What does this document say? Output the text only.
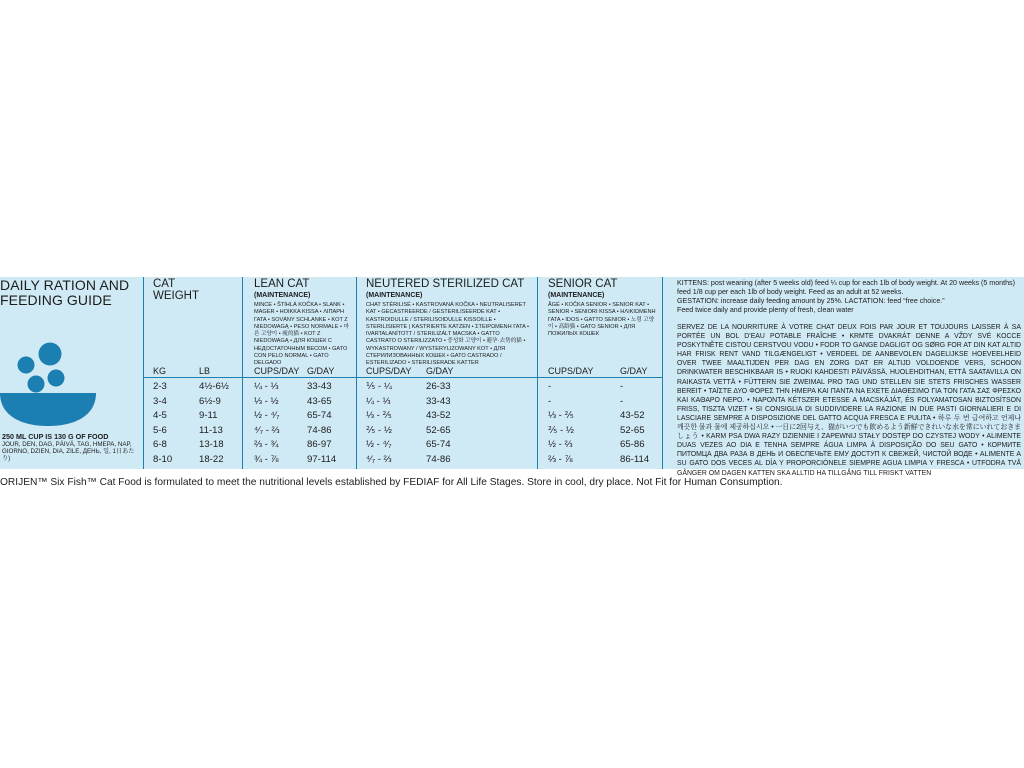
DAILY RATION AND
FEEDING GUIDE
250 ML CUP IS 130 G OF FOOD
JOUR, DEN, DAG, PÄIVÄ, TAG, ΗΜΕΡΑ, NAP, GIORNO, DZIEN, DIA, ZILE, ДЕНЬ, 일, 1日あたり)
CAT
WEIGHT
LEAN CAT
(MAINTENANCE)
MINCE • ŠTÍHLÁ KOČKA • SLANK • MAGER • HOIKKA KISSA • ΛΙΠΑΡΗ ΓΑΤΑ • SOVÁNY SCHLANKE • KOT Z NIEDOWAGĄ • PESO NORMALE • 마른 고양이 • 瘦的猫 • KOT Z NIEDOWAGĄ • ДЛЯ КОШЕК С НЕДОСТАТОЧНЫМ ВЕСОМ • GATO CON PELO NORMAL • GATO DELGADO
NEUTERED STERILIZED CAT
(MAINTENANCE)
CHAT STÉRILISÉ • KASTROVANÁ KOČKA • NEUTRALISERET KAT • GECASTREERDE / GESTERILISEERDE KAT • KASTROIDULLE / STERILISOIDULLE KISSOILLE • STERILISIERTE | KASTRIERTE KATZEN • ΣΤΕΙΡΩΜΕΝΗ ΓΑΤΑ • IVARTALANÍTOTT / STERILIZÁLT MACSKA • GATTO CASTRATO O STERILIZZATO • 중성화 고양이 • 避孕·去势的猫 • WYKASTROWANY / WYSTERYLIZOWANY KOT • ДЛЯ СТЕРИЛИЗОВАННЫХ КОШЕК • GATO CASTRADO / ESTERILIZADO • STERILISERADE KATTER
SENIOR CAT
(MAINTENANCE)
ÂGÉ • KOČKA SENIOR • SENIOR KAT • SENIOR • SENIORI KISSA • ΗΛΙΚΙΩΜΕΝΗ ΓΑΤΑ • IDOS • GATTO SENIOR • 노령 고양이 • 高龄猫 • GATO SENIOR • ДЛЯ ПОЖИЛЫХ КОШЕК
KG	LB	CUPS/DAY G/DAY	CUPS/DAY G/DAY	CUPS/DAY	G/DAY
KITTENS: post weaning (after 5 weeks old) feed ¼ cup for each 1lb of body weight. At 20 weeks (5 months) feed 1/8 cup per each 1lb of body weight. Feed as an adult at 52 weeks.
GESTATION: increase daily feeding amount by 25%. LACTATION: feed “free choice.”
Feed twice daily and provide plenty of fresh, clean water
SERVEZ DE LA NOURRITURE À VOTRE CHAT DEUX FOIS PAR JOUR ET TOUJOURS LAISSER À SA PORTÉE UN BOL D’EAU POTABLE FRAÎCHE • KRMTE DVAKRÁT DENNE A VŽDY SVÉ KOCCE POSKYTNĚTE CISTOU CERSTVOU VODU • FODR TO GANGE DAGLIGT OG SØRG FOR AT DIN KAT ALTID HAR FRISK RENT VAND TILGÆNGELIGT • VERDEEL DE AANBEVOLEN DAGELIJKSE HOEVEELHEID OVER TWEE MAALTIJDEN PER DAG EN ZORG DAT ER ALTIJD VOLDOENDE VERS, SCHOON DRINKWATER BESCHIKBAAR IS • RUOKI KAHDESTI PÄIVÄSSÄ, HUOLEHDITHAN, ETTÄ SAATAVILLA ON RAIKASTA VETTÄ • FÜTTERN SIE ZWEIMAL PRO TAG UND STELLEN SIE STETS FRISCHES WASSER BEREIT • ΤΑΪΣΤΕ ΔΥΟ ΦΟΡΕΣ ΤΗΝ ΗΜΕΡΑ ΚΑΙ ΠΑΝΤΑ ΝΑ ΕΧΕΤΕ ΔΙΑΘΕΣΙΜΟ ΓΙΑ ΤΟΝ ΓΑΤΑ ΣΑΣ ΦΡΕΣΚΟ ΚΑΙ ΚΑΘΑΡΟ ΝΕΡΟ. • NAPONTA KÉTSZER ETESSE A MACSKÁJÁT, ÉS FOLYAMATOSAN BIZTOSÍTSON FRISS, TISZTA VIZET • SI CONSIGLIA DI SUDDIVIDERE LA RAZIONE IN DUE PASTI GIORNALIERI E DI LASCIARE SEMPRE A DISPOSIZIONE DEL GATTO ACQUA FRESCA E PULITA • 하루 두 번 급여하고 언제나 깨끗한 물과 물에 제공하십시오 • 一日に2回与え、猫がいつでも飲めるよう新鮮できれいな水を常にいれておきましょう • KARM PSA DWA RAZY DZIENNIE I ZAPEWNIJ STAŁY DOSTĘP DO CZYSTEJ WODY • ALIMENTE DUAS VEZES AO DIA E TENHA SEMPRE ÁGUA LIMPA À DISPOSIÇÃO DO SEU GATO • КОРМИТЕ ПИТОМЦА ДВА РАЗА В ДЕНЬ И ОБЕСПЕЧЬТЕ ЕМУ ДОСТУП К СВЕЖЕЙ, ЧИСТОЙ ВОДЕ • ALIMENTE A SU GATO DOS VECES AL DÍA Y PROPORCIÓNELE SIEMPRE AGUA LIMPIA Y FRESCA • UTFODRA TVÅ GÅNGER OM DAGEN KATTEN SKA ALLTID HA TILLGÅNG TILL FRISKT VATTEN
2-3	4½-6½	¼ - ⅓	33-43	⅕ - ¼	26-33	-	-
3-4	6½-9	⅓ - ½	43-65	¼ - ⅓	33-43	-	-
4-5	9-11	½ - ⁴⁄₇	65-74	⅓ - ⅖	43-52	⅓ - ⅖	43-52
5-6	11-13	⁴⁄₇ - ⅔	74-86	⅖ - ½	52-65	⅖ - ½	52-65
6-8	13-18	⅔ - ¾	86-97	½ - ⁴⁄₇	65-74	½ - ⅔	65-86
8-10	18-22	¾ - ⅞	97-114	⁴⁄₇ - ⅔	74-86	⅔ - ⅞	86-114
ORIJEN™ Six Fish™ Cat Food is formulated to meet the nutritional levels established by FEDIAF for All Life Stages. Store in cool, dry place. Not Fit for Human Consumption.
